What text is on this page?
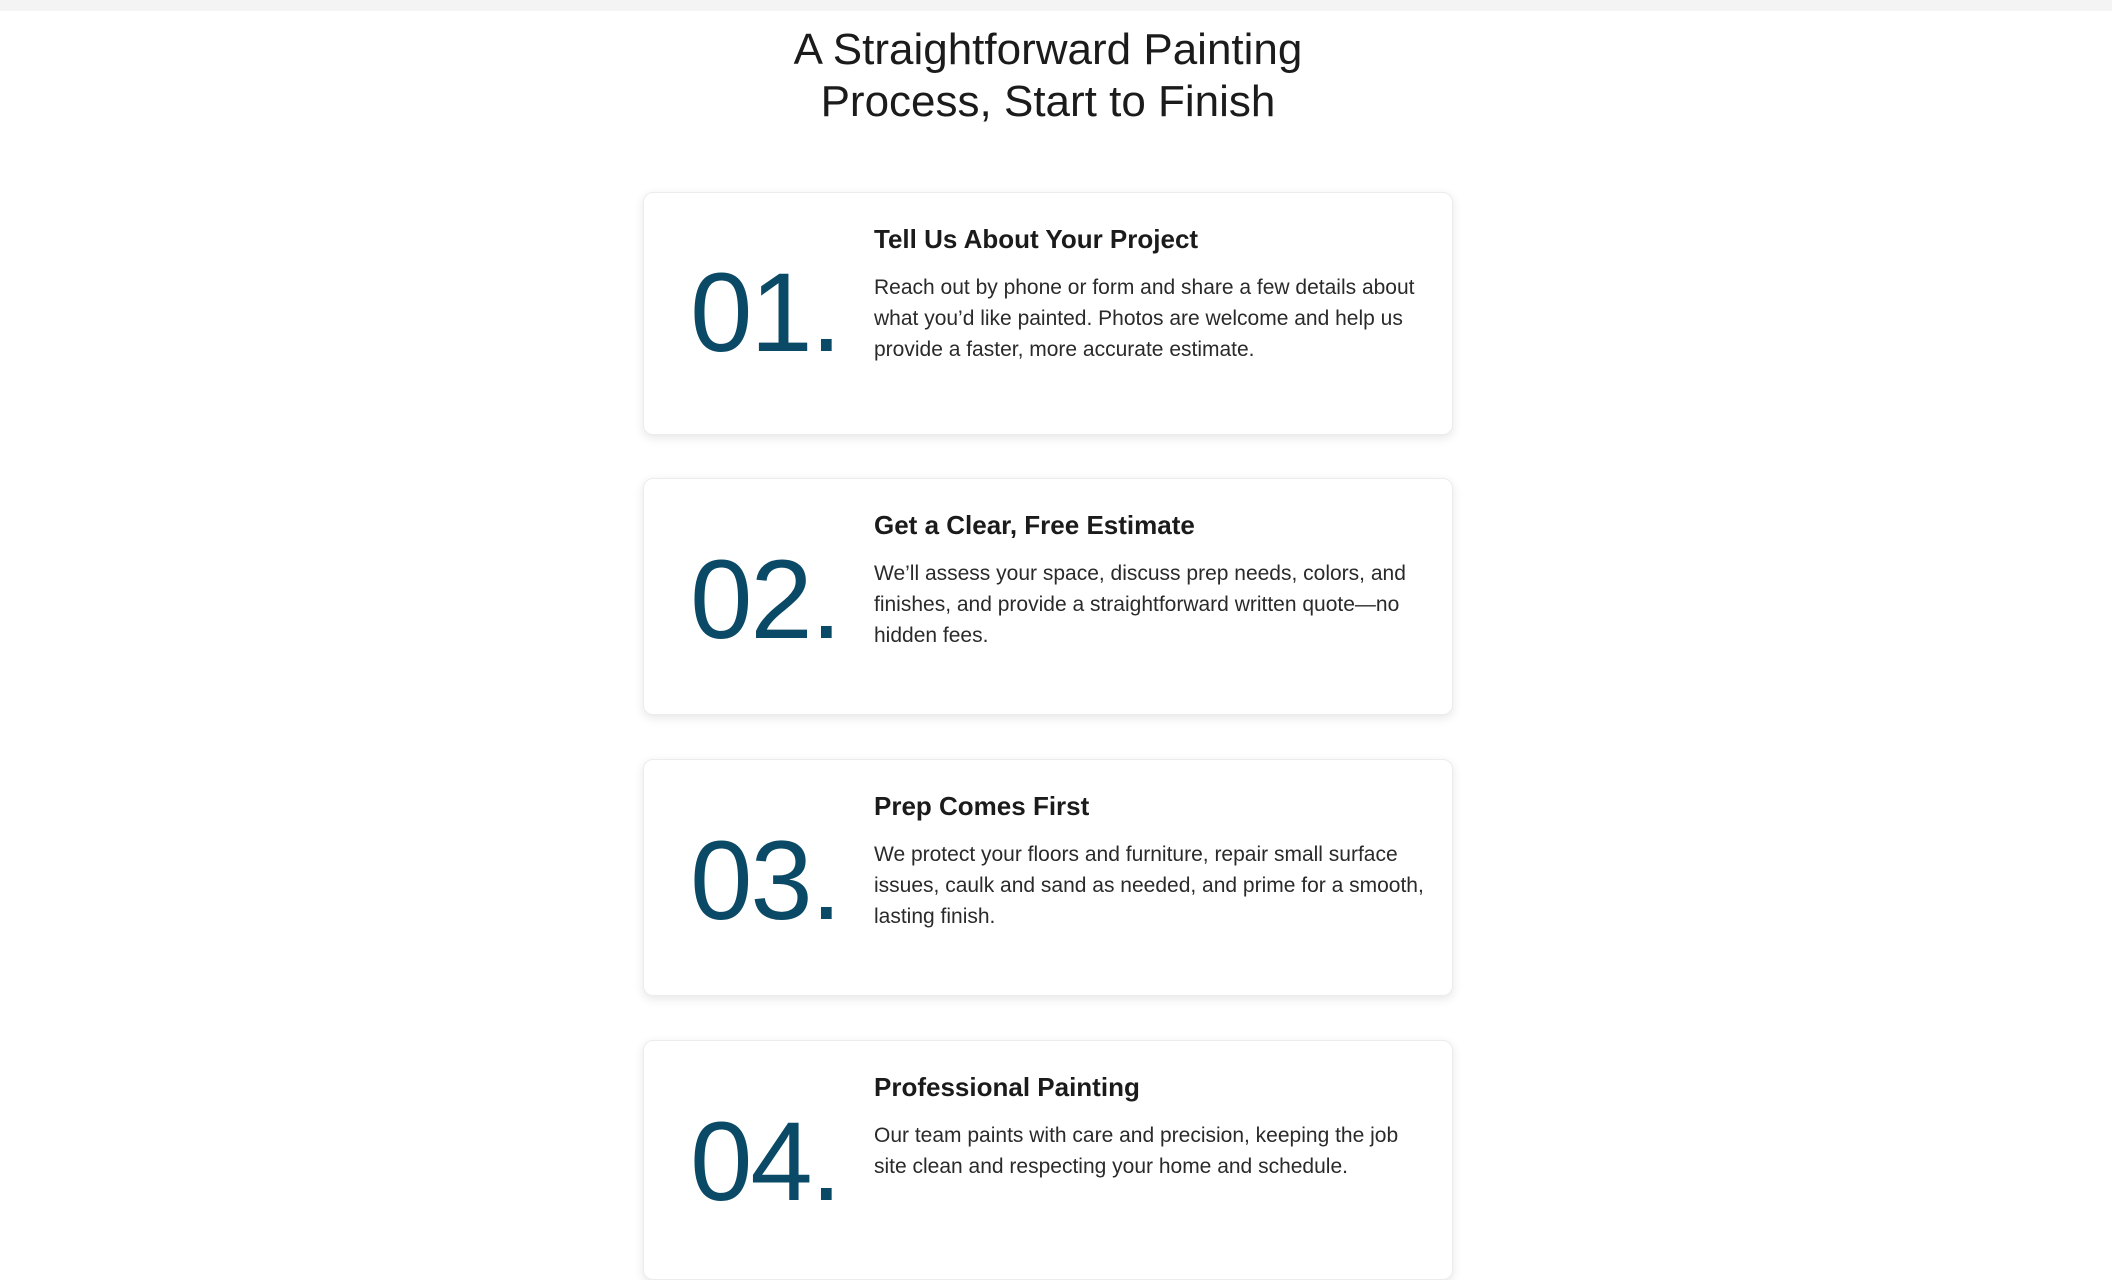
A Straightforward Painting
Process, Start to Finish
01.
Tell Us About Your Project

Reach out by phone or form and share a few details about what you’d like painted. Photos are welcome and help us provide a faster, more accurate estimate.

02.
Get a Clear, Free Estimate

We’ll assess your space, discuss prep needs, colors, and finishes, and provide a straightforward written quote—no hidden fees.

03.
Prep Comes First

We protect your floors and furniture, repair small surface issues, caulk and sand as needed, and prime for a smooth, lasting finish.

04.
Professional Painting

Our team paints with care and precision, keeping the job site clean and respecting your home and schedule.
